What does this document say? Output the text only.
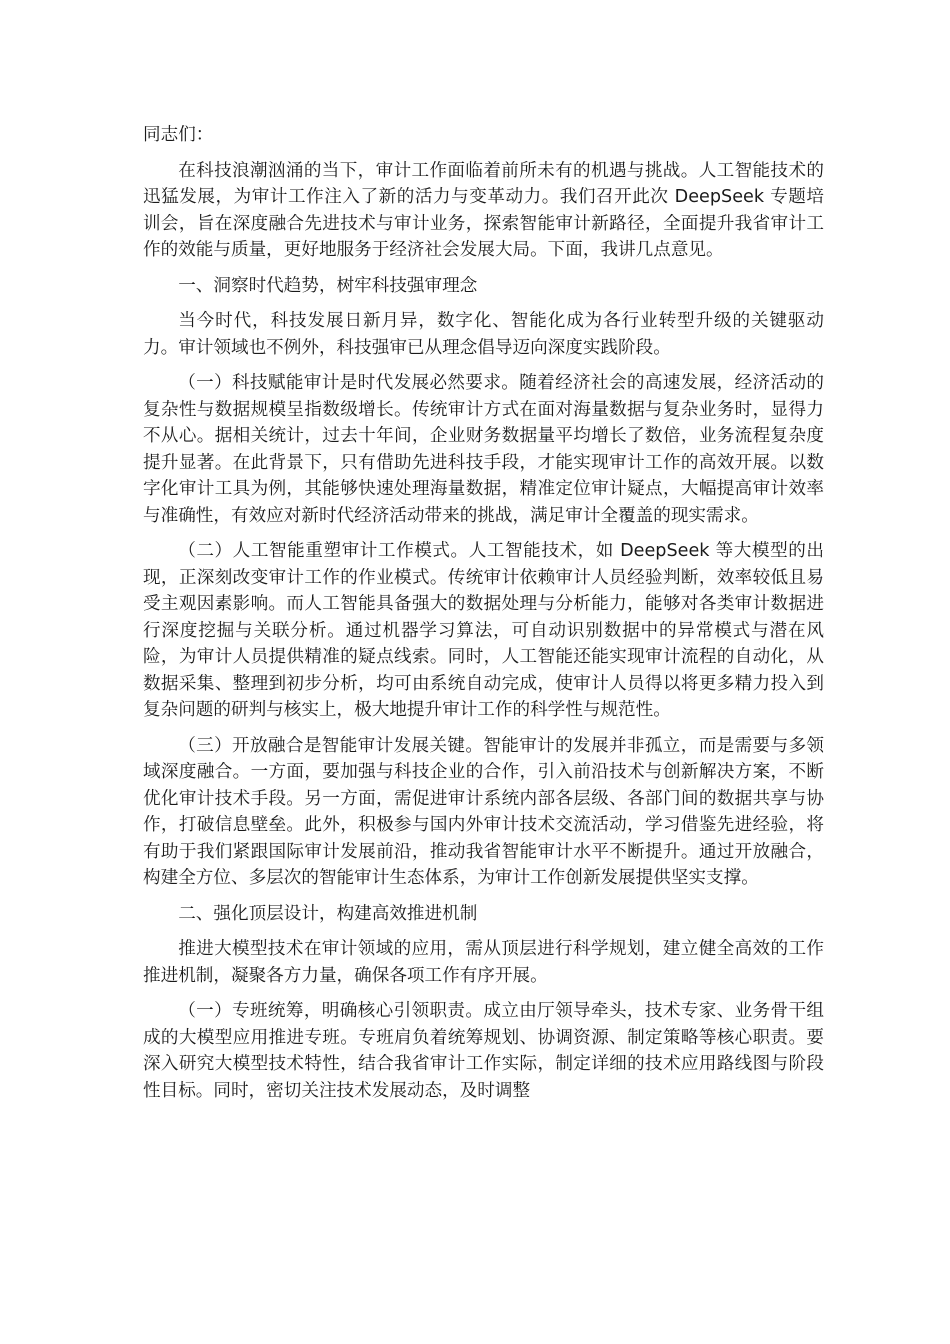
同志们：

在科技浪潮汹涌的当下，审计工作面临着前所未有的机遇与挑战。人工智能技术的迅猛发展，为审计工作注入了新的活力与变革动力。我们召开此次 DeepSeek 专题培训会，旨在深度融合先进技术与审计业务，探索智能审计新路径，全面提升我省审计工作的效能与质量，更好地服务于经济社会发展大局。下面，我讲几点意见。

一、洞察时代趋势，树牢科技强审理念

当今时代，科技发展日新月异，数字化、智能化成为各行业转型升级的关键驱动力。审计领域也不例外，科技强审已从理念倡导迈向深度实践阶段。

（一）科技赋能审计是时代发展必然要求。随着经济社会的高速发展，经济活动的复杂性与数据规模呈指数级增长。传统审计方式在面对海量数据与复杂业务时，显得力不从心。据相关统计，过去十年间，企业财务数据量平均增长了数倍，业务流程复杂度提升显著。在此背景下，只有借助先进科技手段，才能实现审计工作的高效开展。以数字化审计工具为例，其能够快速处理海量数据，精准定位审计疑点，大幅提高审计效率与准确性，有效应对新时代经济活动带来的挑战，满足审计全覆盖的现实需求。

（二）人工智能重塑审计工作模式。人工智能技术，如 DeepSeek 等大模型的出现，正深刻改变审计工作的作业模式。传统审计依赖审计人员经验判断，效率较低且易受主观因素影响。而人工智能具备强大的数据处理与分析能力，能够对各类审计数据进行深度挖掘与关联分析。通过机器学习算法，可自动识别数据中的异常模式与潜在风险，为审计人员提供精准的疑点线索。同时，人工智能还能实现审计流程的自动化，从数据采集、整理到初步分析，均可由系统自动完成，使审计人员得以将更多精力投入到复杂问题的研判与核实上，极大地提升审计工作的科学性与规范性。

（三）开放融合是智能审计发展关键。智能审计的发展并非孤立，而是需要与多领域深度融合。一方面，要加强与科技企业的合作，引入前沿技术与创新解决方案，不断优化审计技术手段。另一方面，需促进审计系统内部各层级、各部门间的数据共享与协作，打破信息壁垒。此外，积极参与国内外审计技术交流活动，学习借鉴先进经验，将有助于我们紧跟国际审计发展前沿，推动我省智能审计水平不断提升。通过开放融合，构建全方位、多层次的智能审计生态体系，为审计工作创新发展提供坚实支撑。

二、强化顶层设计，构建高效推进机制

推进大模型技术在审计领域的应用，需从顶层进行科学规划，建立健全高效的工作推进机制，凝聚各方力量，确保各项工作有序开展。

（一）专班统筹，明确核心引领职责。成立由厅领导牵头，技术专家、业务骨干组成的大模型应用推进专班。专班肩负着统筹规划、协调资源、制定策略等核心职责。要深入研究大模型技术特性，结合我省审计工作实际，制定详细的技术应用路线图与阶段性目标。同时，密切关注技术发展动态，及时调整
